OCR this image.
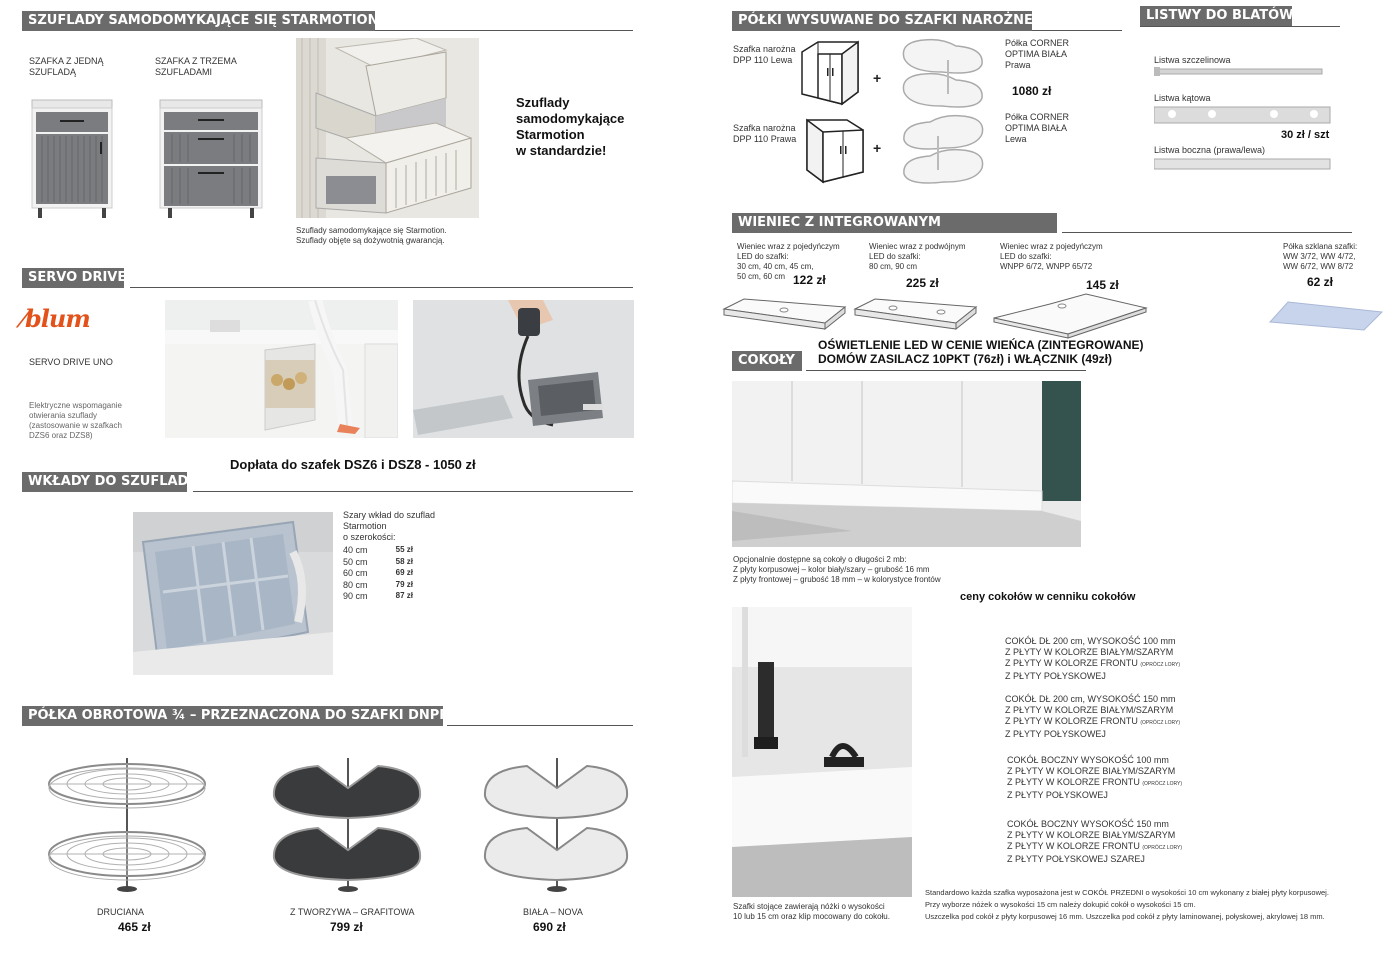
SZUFLADY SAMODOMYKAJĄCE SIĘ STARMOTION
SZAFKA Z JEDNĄ
SZUFLADĄ
SZAFKA Z TRZEMA
SZUFLADAMI
Szuflady samodomykające się Starmotion.
Szuflady objęte są dożywotnią gwarancją.
Szuflady
samodomykające
Starmotion
w standardzie!
SERVO DRIVE
⁄blum
SERVO DRIVE UNO
Elektryczne wspomaganie
otwierania szuflady
(zastosowanie w szafkach
DZS6 oraz DZS8)
Dopłata do szafek DSZ6 i DSZ8 - 1050 zł
WKŁADY DO SZUFLAD
Szary wkład do szuflad
Starmotion
o szerokości:
40 cm	55 zł
50 cm	58 zł
60 cm	69 zł
80 cm	79 zł
90 cm	87 zł
PÓŁKA OBROTOWA ¾ – PRZEZNACZONA DO SZAFKI DNPP 9
DRUCIANA
465 zł
Z TWORZYWA – GRAFITOWA
799 zł
BIAŁA – NOVA
690 zł
PÓŁKI WYSUWANE DO SZAFKI NAROŻNEJ
Szafka narożna
DPP 110 Lewa
+
Półka CORNER
OPTIMA BIAŁA
Prawa
1080 zł
Szafka narożna
DPP 110 Prawa
+
Półka CORNER
OPTIMA BIAŁA
Lewa
LISTWY DO BLATÓW
Listwa szczelinowa
Listwa kątowa
30 zł / szt
Listwa boczna (prawa/lewa)
WIENIEC Z INTEGROWANYM
Wieniec wraz z pojedyńczym
LED do szafki:
30 cm, 40 cm, 45 cm,
50 cm, 60 cm 122 zł
Wieniec wraz z podwójnym
LED do szafki:
80 cm, 90 cm
225 zł
Wieniec wraz z pojedyńczym
LED do szafki:
WNPP 6/72, WNPP 65/72
145 zł
Półka szklana szafki:
WW 3/72, WW 4/72,
WW 6/72, WW 8/72
62 zł
OŚWIETLENIE LED W CENIE WIEŃCA (ZINTEGROWANE)
DOMÓW ZASILACZ 10PKT (76zł) i WŁĄCZNIK (49zł)
COKOŁY
Opcjonalnie dostępne są cokoły o długości 2 mb:
Z płyty korpusowej – kolor biały/szary – grubość 16 mm
Z płyty frontowej – grubość 18 mm – w kolorystyce frontów
ceny cokołów w cenniku cokołów
Szafki stojące zawierają nóżki o wysokości
10 lub 15 cm oraz klip mocowany do cokołu.
COKÓŁ DŁ 200 cm, WYSOKOŚĆ 100 mm
Z PŁYTY W KOLORZE BIAŁYM/SZARYM
Z PŁYTY W KOLORZE FRONTU (OPRÓCZ LORY)
Z PŁYTY POŁYSKOWEJ
COKÓŁ DŁ 200 cm, WYSOKOŚĆ 150 mm
Z PŁYTY W KOLORZE BIAŁYM/SZARYM
Z PŁYTY W KOLORZE FRONTU (OPRÓCZ LORY)
Z PŁYTY POŁYSKOWEJ
COKÓŁ BOCZNY WYSOKOŚĆ 100 mm
Z PŁYTY W KOLORZE BIAŁYM/SZARYM
Z PŁYTY W KOLORZE FRONTU (OPRÓCZ LORY)
Z PŁYTY POŁYSKOWEJ
COKÓŁ BOCZNY WYSOKOŚĆ 150 mm
Z PŁYTY W KOLORZE BIAŁYM/SZARYM
Z PŁYTY W KOLORZE FRONTU (OPRÓCZ LORY)
Z PŁYTY POŁYSKOWEJ SZAREJ
Standardowo każda szafka wyposażona jest w COKÓŁ PRZEDNI o wysokości 10 cm wykonany z białej płyty korpusowej.
Przy wyborze nóżek o wysokości 15 cm należy dokupić cokół o wysokości 15 cm.
Uszczelka pod cokół z płyty korpusowej 16 mm. Uszczelka pod cokół z płyty laminowanej, połyskowej, akrylowej 18 mm.
